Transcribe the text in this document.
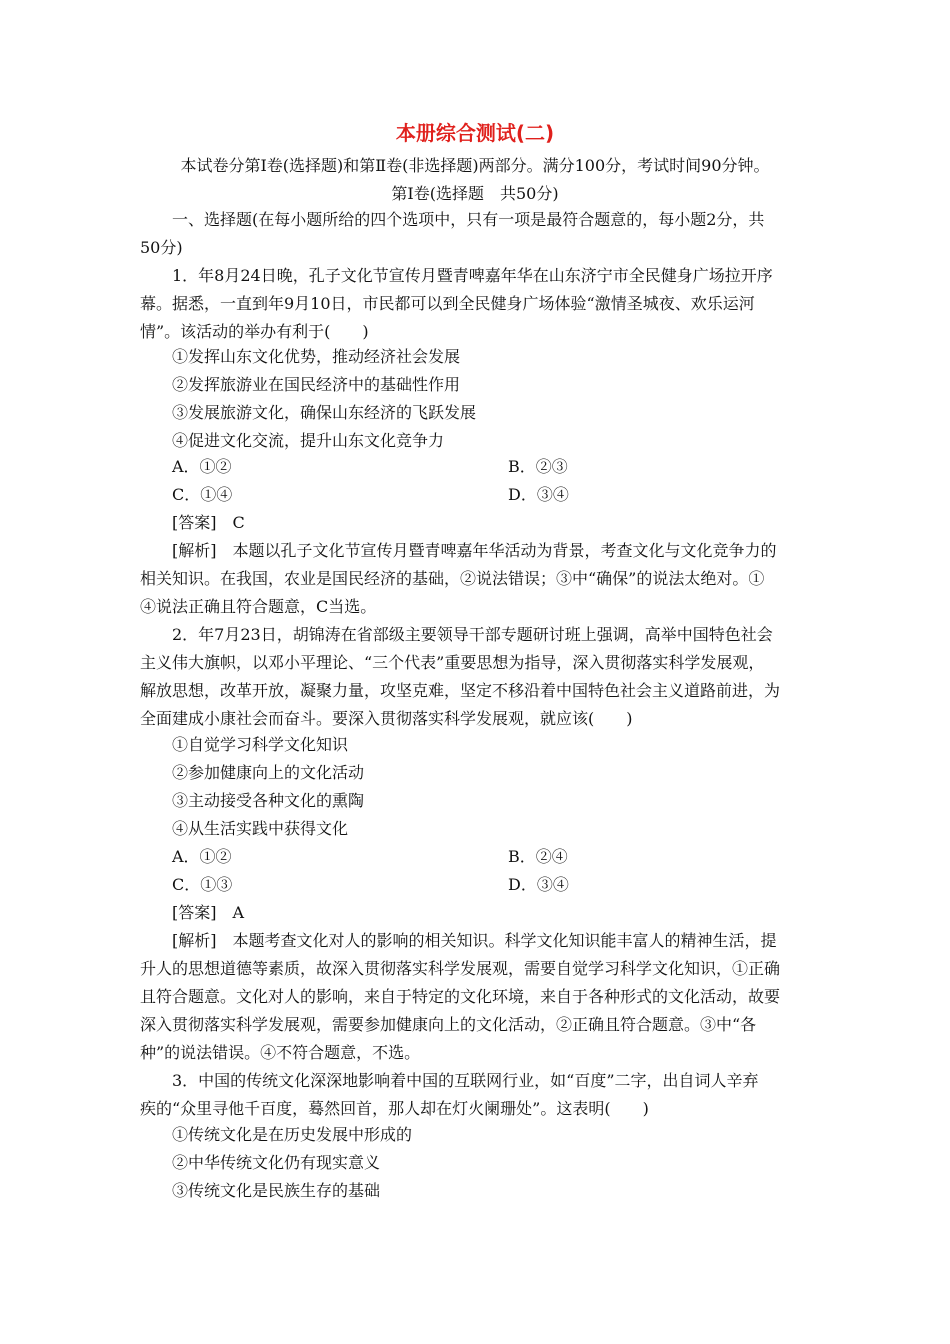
本册综合测试(二)
本试卷分第Ⅰ卷(选择题)和第Ⅱ卷(非选择题)两部分。满分100分，考试时间90分钟。
第Ⅰ卷(选择题　共50分)
一、选择题(在每小题所给的四个选项中，只有一项是最符合题意的，每小题2分，共
50分)
1．年8月24日晚，孔子文化节宣传月暨青啤嘉年华在山东济宁市全民健身广场拉开序
幕。据悉，一直到年9月10日，市民都可以到全民健身广场体验“激情圣城夜、欢乐运河
情”。该活动的举办有利于(　　)
①发挥山东文化优势，推动经济社会发展
②发挥旅游业在国民经济中的基础性作用
③发展旅游文化，确保山东经济的飞跃发展
④促进文化交流，提升山东文化竞争力
A．①②	B．②③
C．①④	D．③④
[答案]　C
[解析]　本题以孔子文化节宣传月暨青啤嘉年华活动为背景，考查文化与文化竞争力的
相关知识。在我国，农业是国民经济的基础，②说法错误；③中“确保”的说法太绝对。①
④说法正确且符合题意，C当选。
2．年7月23日，胡锦涛在省部级主要领导干部专题研讨班上强调，高举中国特色社会
主义伟大旗帜，以邓小平理论、“三个代表”重要思想为指导，深入贯彻落实科学发展观，
解放思想，改革开放，凝聚力量，攻坚克难，坚定不移沿着中国特色社会主义道路前进，为
全面建成小康社会而奋斗。要深入贯彻落实科学发展观，就应该(　　)
①自觉学习科学文化知识
②参加健康向上的文化活动
③主动接受各种文化的熏陶
④从生活实践中获得文化
A．①②	B．②④
C．①③	D．③④
[答案]　A
[解析]　本题考查文化对人的影响的相关知识。科学文化知识能丰富人的精神生活，提
升人的思想道德等素质，故深入贯彻落实科学发展观，需要自觉学习科学文化知识，①正确
且符合题意。文化对人的影响，来自于特定的文化环境，来自于各种形式的文化活动，故要
深入贯彻落实科学发展观，需要参加健康向上的文化活动，②正确且符合题意。③中“各
种”的说法错误。④不符合题意，不选。
3．中国的传统文化深深地影响着中国的互联网行业，如“百度”二字，出自词人辛弃
疾的“众里寻他千百度，蓦然回首，那人却在灯火阑珊处”。这表明(　　)
①传统文化是在历史发展中形成的
②中华传统文化仍有现实意义
③传统文化是民族生存的基础
